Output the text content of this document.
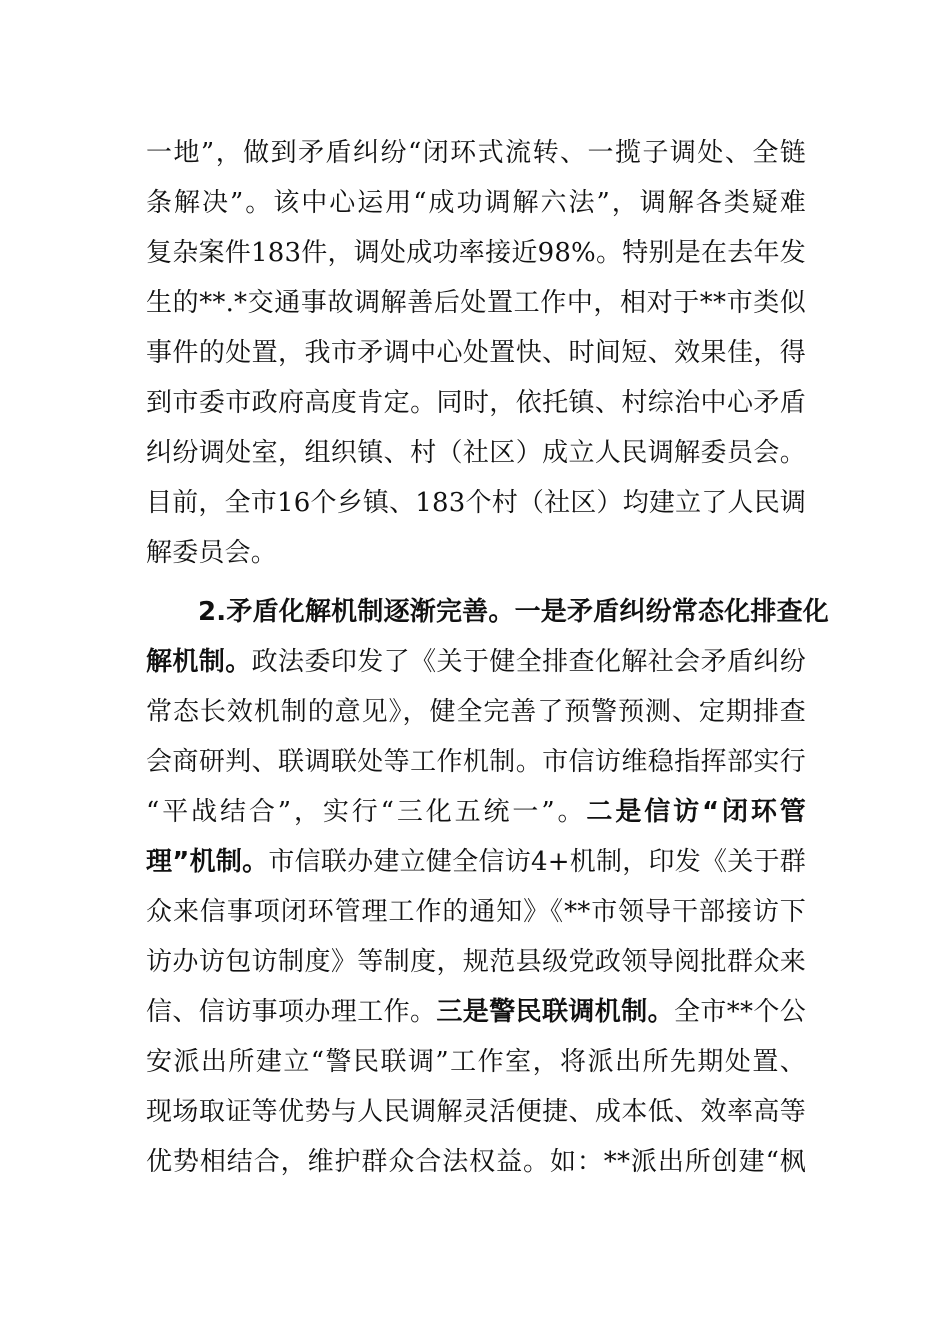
一地”，做到矛盾纠纷“闭环式流转、一揽子调处、全链
条解决”。该中心运用“成功调解六法”，调解各类疑难
复杂案件183件，调处成功率接近98%。特别是在去年发
生的**.*交通事故调解善后处置工作中，相对于**市类似
事件的处置，我市矛调中心处置快、时间短、效果佳，得
到市委市政府高度肯定。同时，依托镇、村综治中心矛盾
纠纷调处室，组织镇、村（社区）成立人民调解委员会。
目前，全市16个乡镇、183个村（社区）均建立了人民调
解委员会。
2.矛盾化解机制逐渐完善。一是矛盾纠纷常态化排查化
解机制。政法委印发了《关于健全排查化解社会矛盾纠纷
常态长效机制的意见》，健全完善了预警预测、定期排查
会商研判、联调联处等工作机制。市信访维稳指挥部实行
“平战结合”，实行“三化五统一”。二是信访“闭环管
理”机制。市信联办建立健全信访4+机制，印发《关于群
众来信事项闭环管理工作的通知》《**市领导干部接访下
访办访包访制度》等制度，规范县级党政领导阅批群众来
信、信访事项办理工作。三是警民联调机制。全市**个公
安派出所建立“警民联调”工作室，将派出所先期处置、
现场取证等优势与人民调解灵活便捷、成本低、效率高等
优势相结合，维护群众合法权益。如：**派出所创建“枫
